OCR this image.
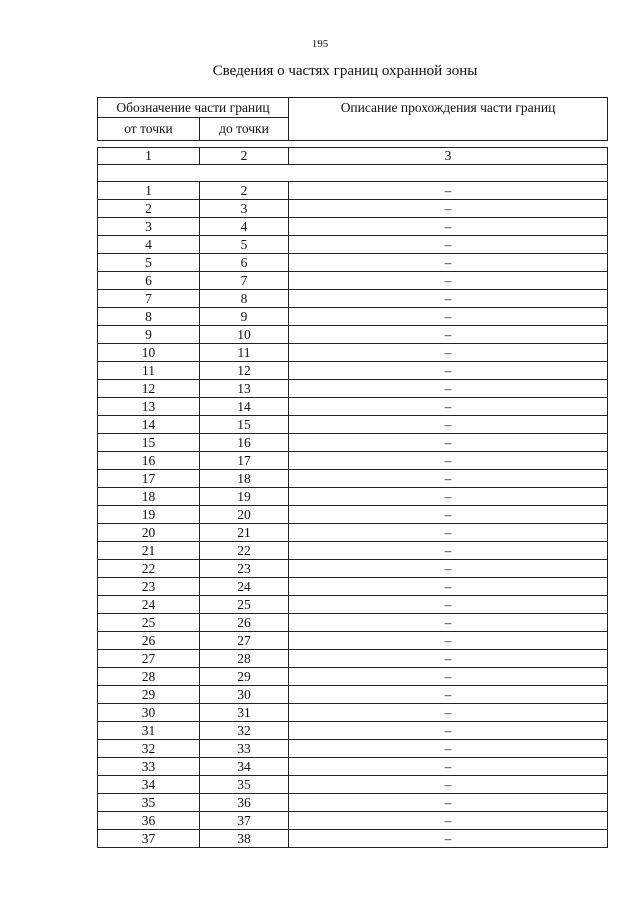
195
Сведения о частях границ охранной зоны
Обозначение части границ		Описание прохождения части границ
от точки	до точки	

1	2	3

1	2	–
2	3	–
3	4	–
4	5	–
5	6	–
6	7	–
7	8	–
8	9	–
9	10	–
10	11	–
11	12	–
12	13	–
13	14	–
14	15	–
15	16	–
16	17	–
17	18	–
18	19	–
19	20	–
20	21	–
21	22	–
22	23	–
23	24	–
24	25	–
25	26	–
26	27	–
27	28	–
28	29	–
29	30	–
30	31	–
31	32	–
32	33	–
33	34	–
34	35	–
35	36	–
36	37	–
37	38	–
